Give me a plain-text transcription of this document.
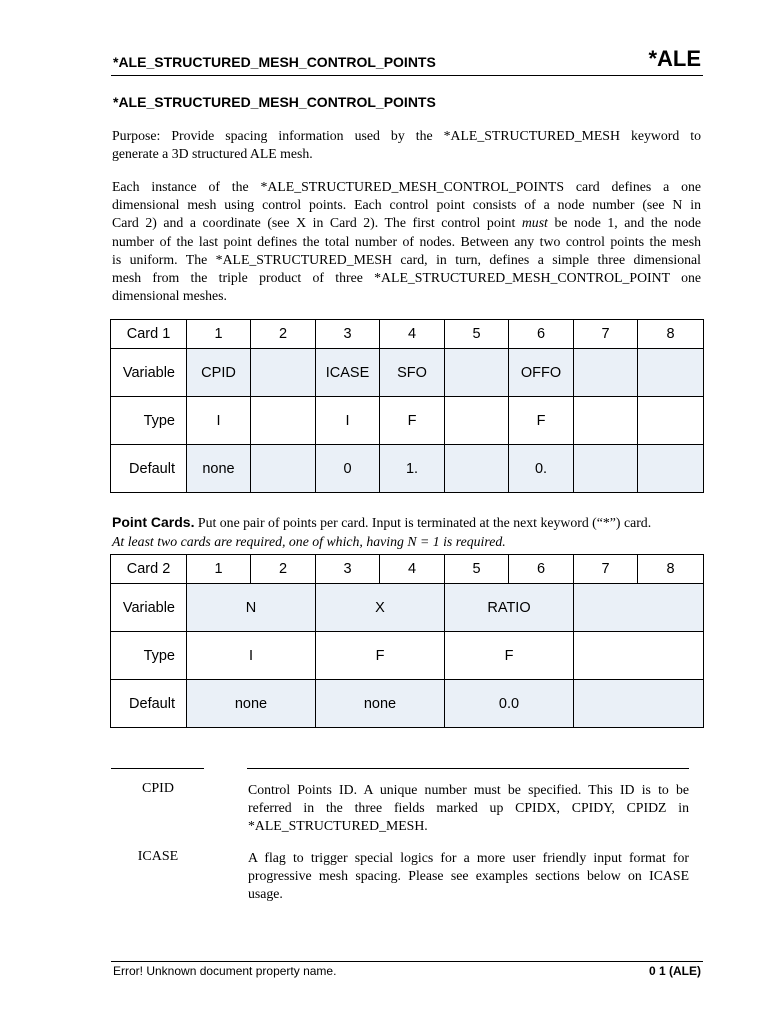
*ALE_STRUCTURED_MESH_CONTROL_POINTS	*ALE
*ALE_STRUCTURED_MESH_CONTROL_POINTS
Purpose: Provide spacing information used by the *ALE_STRUCTURED_MESH keyword to
generate a 3D structured ALE mesh.
Each instance of the *ALE_STRUCTURED_MESH_CONTROL_POINTS card defines a one
dimensional mesh using control points. Each control point consists of a node number (see N in
Card 2) and a coordinate (see X in Card 2). The first control point must be node 1, and the node
number of the last point defines the total number of nodes. Between any two control points the mesh
is uniform. The *ALE_STRUCTURED_MESH card, in turn, defines a simple three dimensional
mesh from the triple product of three *ALE_STRUCTURED_MESH_CONTROL_POINT one
dimensional meshes.
Card 1	1	2	3	4	5	6	7	8
Variable	CPID		ICASE	SFO		OFFO		
Type	I		I	F		F		
Default	none		0	1.		0.		
Point Cards. Put one pair of points per card. Input is terminated at the next keyword (“*”) card.
At least two cards are required, one of which, having N = 1 is required.
Card 2	1	2	3	4	5	6	7	8
Variable	N		X		RATIO			
Type	I		F		F			
Default	none		none		0.0			
CPID	Control Points ID. A unique number must be specified. This ID is to be
referred in the three fields marked up CPIDX, CPIDY, CPIDZ in
*ALE_STRUCTURED_MESH.
ICASE	A flag to trigger special logics for a more user friendly input format for
progressive mesh spacing. Please see examples sections below on ICASE
usage.
Error! Unknown document property name.	0 1 (ALE)
